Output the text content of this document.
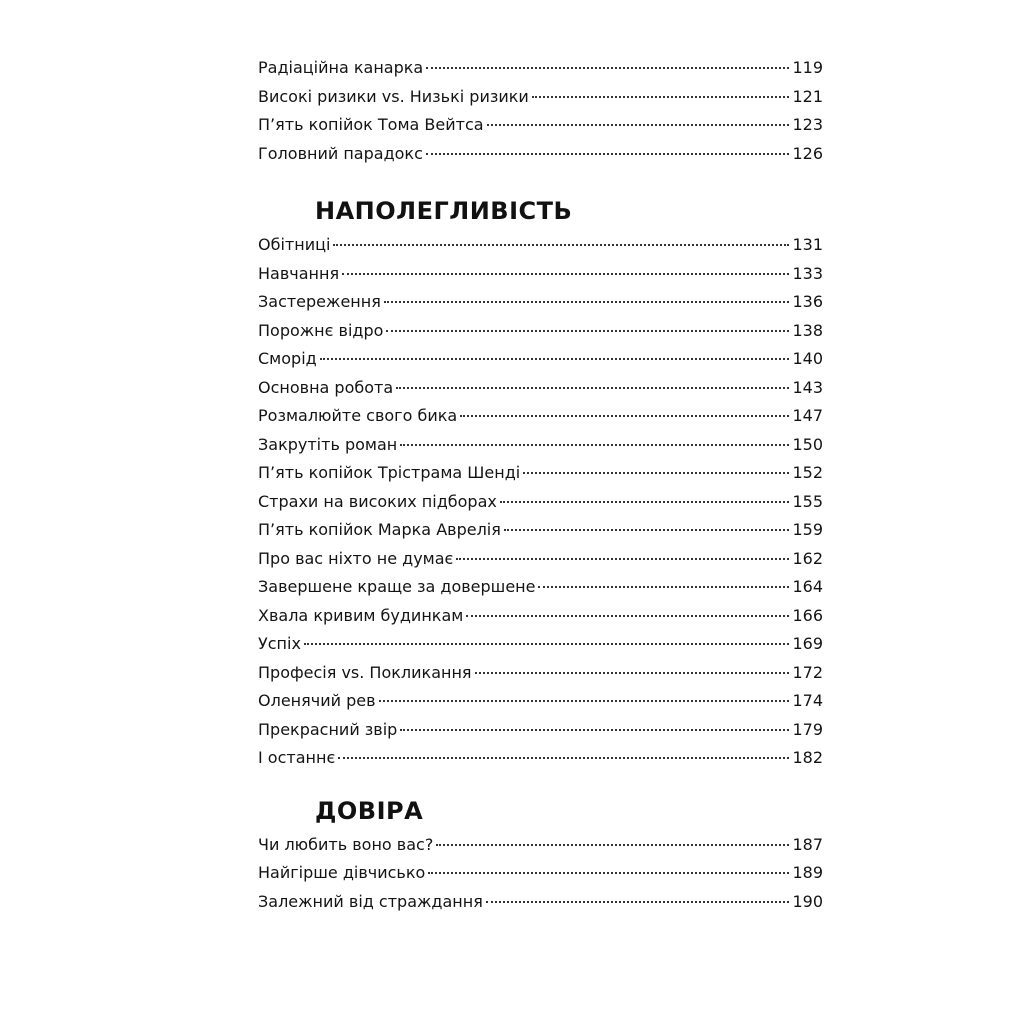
Радіаційна канарка	119
Високі ризики vs. Низькі ризики	121
П’ять копійок Тома Вейтса	123
Головний парадокс	126
НАПОЛЕГЛИВІСТЬ
Обітниці	131
Навчання	133
Застереження	136
Порожнє відро	138
Сморід	140
Основна робота	143
Розмалюйте свого бика	147
Закрутіть роман	150
П’ять копійок Трістрама Шенді	152
Страхи на високих підборах	155
П’ять копійок Марка Аврелія	159
Про вас ніхто не думає	162
Завершене краще за довершене	164
Хвала кривим будинкам	166
Успіх	169
Професія vs. Покликання	172
Оленячий рев	174
Прекрасний звір	179
І останнє	182
ДОВІРА
Чи любить воно вас?	187
Найгірше дівчисько	189
Залежний від страждання	190
